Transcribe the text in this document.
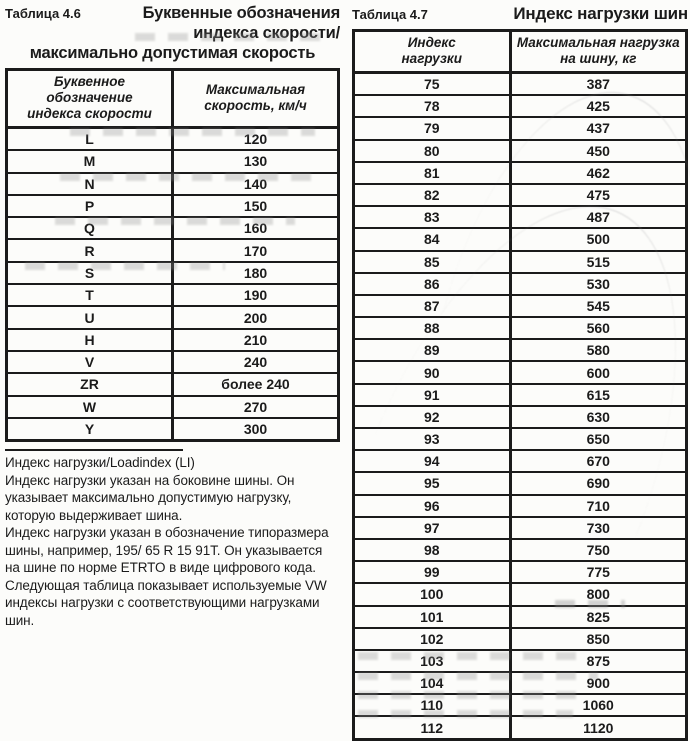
Таблица 4.6	Буквенные обозначения
индекса скорости/
максимально допустимая скорость
Буквенное обозначение
индекса скорости	Максимальная
скорость, км/ч
L	120
M	130
N	140
P	150
Q	160
R	170
S	180
T	190
U	200
H	210
V	240
ZR	более 240
W	270
Y	300

Индекс нагрузки/Loadindex (LI)

Индекс нагрузки указан на боковине шины. Он указывает максимально допустимую нагрузку, которую выдерживает шина.

Индекс нагрузки указан в обозначение типоразмера шины, например, 195/ 65 R 15 91T. Он указывается на шине по норме ETRTO в виде цифрового кода. Следующая таблица показывает используемые VW индексы нагрузки с соответствующими нагрузками шин.

Таблица 4.7	Индекс нагрузки шин
Индекс
нагрузки	Максимальная нагрузка
на шину, кг
75	387
78	425
79	437
80	450
81	462
82	475
83	487
84	500
85	515
86	530
87	545
88	560
89	580
90	600
91	615
92	630
93	650
94	670
95	690
96	710
97	730
98	750
99	775
100	800
101	825
102	850
103	875
104	900
110	1060
112	1120
